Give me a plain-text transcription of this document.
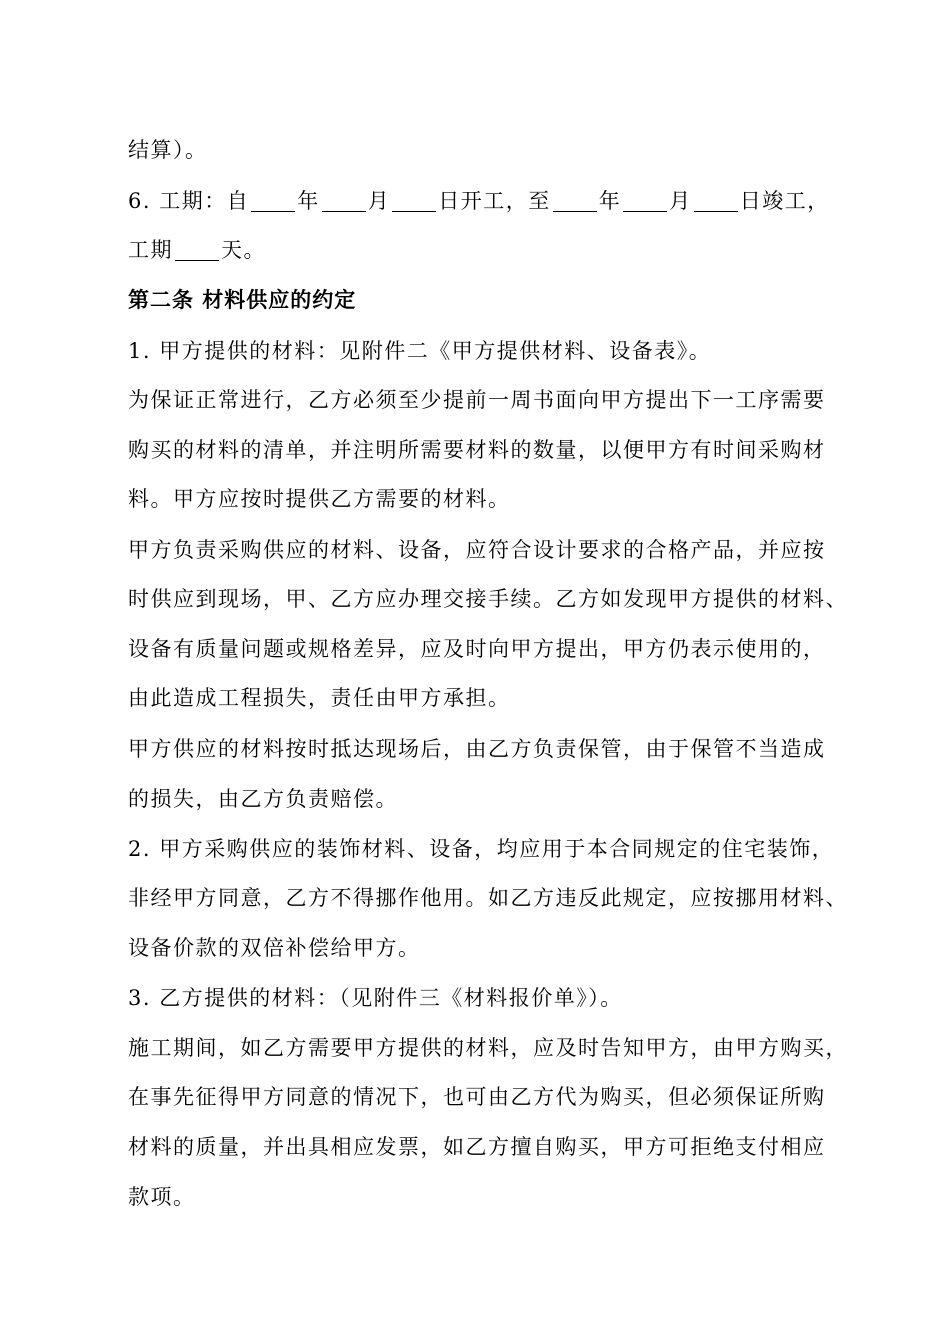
结算）。
6. 工期：自 年 月 日开工，至 年 月 日竣工，
工期 天。
第二条 材料供应的约定
1. 甲方提供的材料：见附件二《甲方提供材料、设备表》。
为保证正常进行，乙方必须至少提前一周书面向甲方提出下一工序需要
购买的材料的清单，并注明所需要材料的数量，以便甲方有时间采购材
料。甲方应按时提供乙方需要的材料。
甲方负责采购供应的材料、设备，应符合设计要求的合格产品，并应按
时供应到现场，甲、乙方应办理交接手续。乙方如发现甲方提供的材料、
设备有质量问题或规格差异，应及时向甲方提出，甲方仍表示使用的，
由此造成工程损失，责任由甲方承担。
甲方供应的材料按时抵达现场后，由乙方负责保管，由于保管不当造成
的损失，由乙方负责赔偿。
2. 甲方采购供应的装饰材料、设备，均应用于本合同规定的住宅装饰，
非经甲方同意，乙方不得挪作他用。如乙方违反此规定，应按挪用材料、
设备价款的双倍补偿给甲方。
3. 乙方提供的材料：（见附件三《材料报价单》）。
施工期间，如乙方需要甲方提供的材料，应及时告知甲方，由甲方购买，
在事先征得甲方同意的情况下，也可由乙方代为购买，但必须保证所购
材料的质量，并出具相应发票，如乙方擅自购买，甲方可拒绝支付相应
款项。
